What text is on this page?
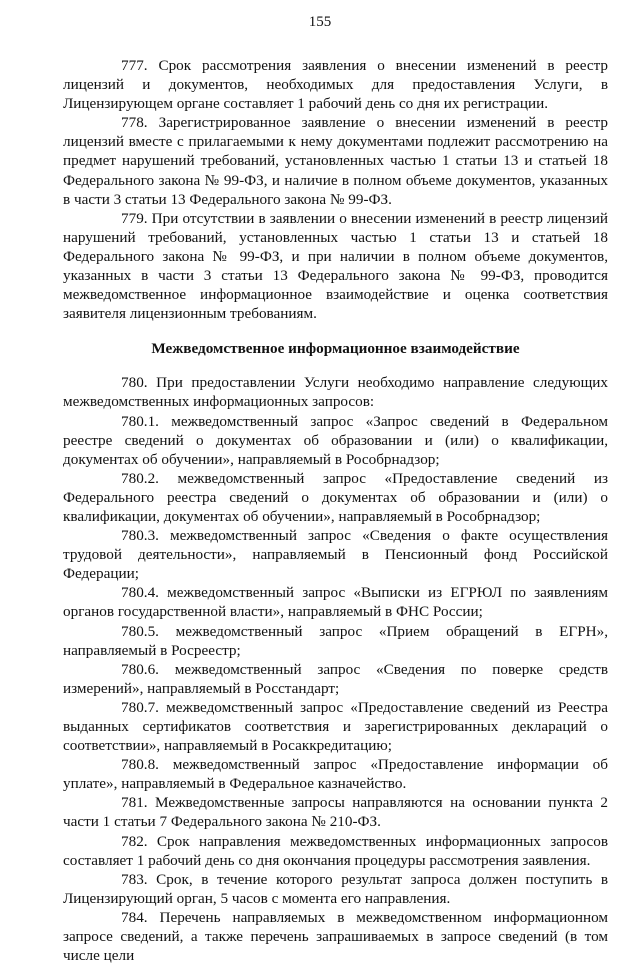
155

777. Срок рассмотрения заявления о внесении изменений в реестр лицензий и документов, необходимых для предоставления Услуги, в Лицензирующем органе составляет 1 рабочий день со дня их регистрации.

778. Зарегистрированное заявление о внесении изменений в реестр лицензий вместе с прилагаемыми к нему документами подлежит рассмотрению на предмет нарушений требований, установленных частью 1 статьи 13 и статьей 18 Федерального закона № 99-ФЗ, и наличие в полном объеме документов, указанных в части 3 статьи 13 Федерального закона № 99-ФЗ.

779. При отсутствии в заявлении о внесении изменений в реестр лицензий нарушений требований, установленных частью 1 статьи 13 и статьей 18 Федерального закона № 99-ФЗ, и при наличии в полном объеме документов, указанных в части 3 статьи 13 Федерального закона № 99-ФЗ, проводится межведомственное информационное взаимодействие и оценка соответствия заявителя лицензионным требованиям.

Межведомственное информационное взаимодействие

780. При предоставлении Услуги необходимо направление следующих межведомственных информационных запросов:

780.1. межведомственный запрос «Запрос сведений в Федеральном реестре сведений о документах об образовании и (или) о квалификации, документах об обучении», направляемый в Рособрнадзор;

780.2. межведомственный запрос «Предоставление сведений из Федерального реестра сведений о документах об образовании и (или) о квалификации, документах об обучении», направляемый в Рособрнадзор;

780.3. межведомственный запрос «Сведения о факте осуществления трудовой деятельности», направляемый в Пенсионный фонд Российской Федерации;

780.4. межведомственный запрос «Выписки из ЕГРЮЛ по заявлениям органов государственной власти», направляемый в ФНС России;

780.5. межведомственный запрос «Прием обращений в ЕГРН», направляемый в Росреестр;

780.6. межведомственный запрос «Сведения по поверке средств измерений», направляемый в Росстандарт;

780.7. межведомственный запрос «Предоставление сведений из Реестра выданных сертификатов соответствия и зарегистрированных деклараций о соответствии», направляемый в Росаккредитацию;

780.8. межведомственный запрос «Предоставление информации об уплате», направляемый в Федеральное казначейство.

781. Межведомственные запросы направляются на основании пункта 2 части 1 статьи 7 Федерального закона № 210-ФЗ.

782. Срок направления межведомственных информационных запросов составляет 1 рабочий день со дня окончания процедуры рассмотрения заявления.

783. Срок, в течение которого результат запроса должен поступить в Лицензирующий орган, 5 часов с момента его направления.

784. Перечень направляемых в межведомственном информационном запросе сведений, а также перечень запрашиваемых в запросе сведений (в том числе цели
